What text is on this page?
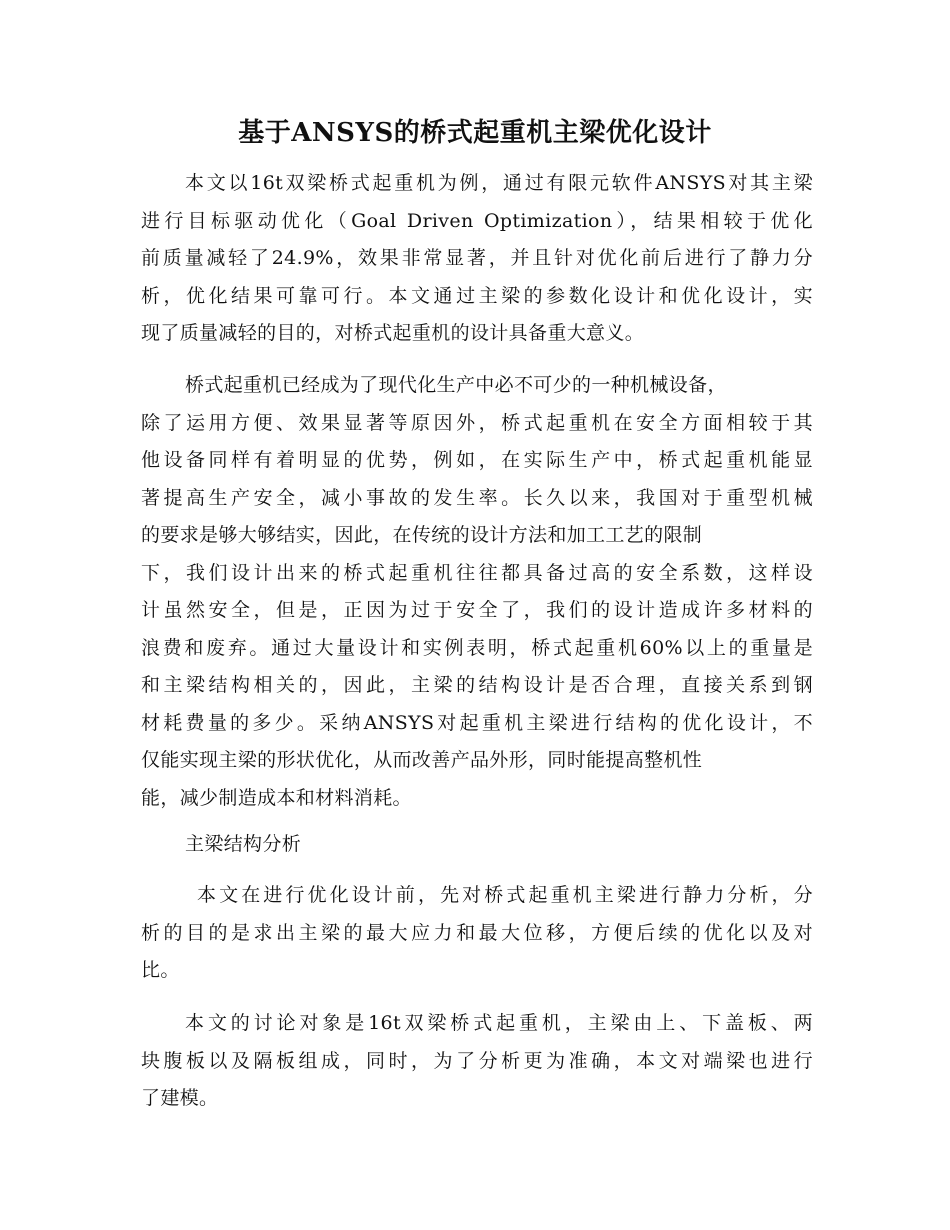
基于ANSYS的桥式起重机主梁优化设计
本文以16t双梁桥式起重机为例，通过有限元软件ANSYS对其主梁
进行目标驱动优化（Goal Driven Optimization），结果相较于优化
前质量减轻了24.9%，效果非常显著，并且针对优化前后进行了静力分
析，优化结果可靠可行。本文通过主梁的参数化设计和优化设计，实
现了质量减轻的目的，对桥式起重机的设计具备重大意义。
桥式起重机已经成为了现代化生产中必不可少的一种机械设备，
除了运用方便、效果显著等原因外，桥式起重机在安全方面相较于其
他设备同样有着明显的优势，例如，在实际生产中，桥式起重机能显
著提高生产安全，减小事故的发生率。长久以来，我国对于重型机械
的要求是够大够结实，因此，在传统的设计方法和加工工艺的限制
下，我们设计出来的桥式起重机往往都具备过高的安全系数，这样设
计虽然安全，但是，正因为过于安全了，我们的设计造成许多材料的
浪费和废弃。通过大量设计和实例表明，桥式起重机60%以上的重量是
和主梁结构相关的，因此，主梁的结构设计是否合理，直接关系到钢
材耗费量的多少。采纳ANSYS对起重机主梁进行结构的优化设计，不
仅能实现主梁的形状优化，从而改善产品外形，同时能提高整机性
能，减少制造成本和材料消耗。
主梁结构分析
本文在进行优化设计前，先对桥式起重机主梁进行静力分析，分
析的目的是求出主梁的最大应力和最大位移，方便后续的优化以及对
比。
本文的讨论对象是16t双梁桥式起重机，主梁由上、下盖板、两
块腹板以及隔板组成，同时，为了分析更为准确，本文对端梁也进行
了建模。
